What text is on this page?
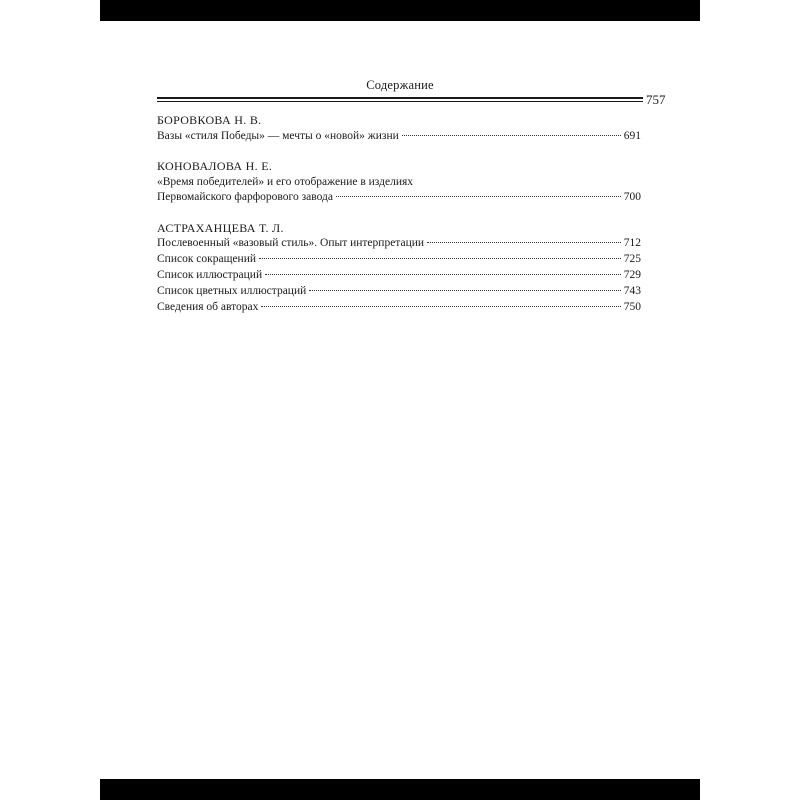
Содержание
757

БОРОВКОВА Н. В.

Вазы «стиля Победы» — мечты о «новой» жизни	691

КОНОВАЛОВА Н. Е.

«Время победителей» и его отображение в изделиях

Первомайского фарфорового завода	700

АСТРАХАНЦЕВА Т. Л.

Послевоенный «вазовый стиль». Опыт интерпретации	712
Список сокращений	725
Список иллюстраций	729
Список цветных иллюстраций	743
Сведения об авторах	750
